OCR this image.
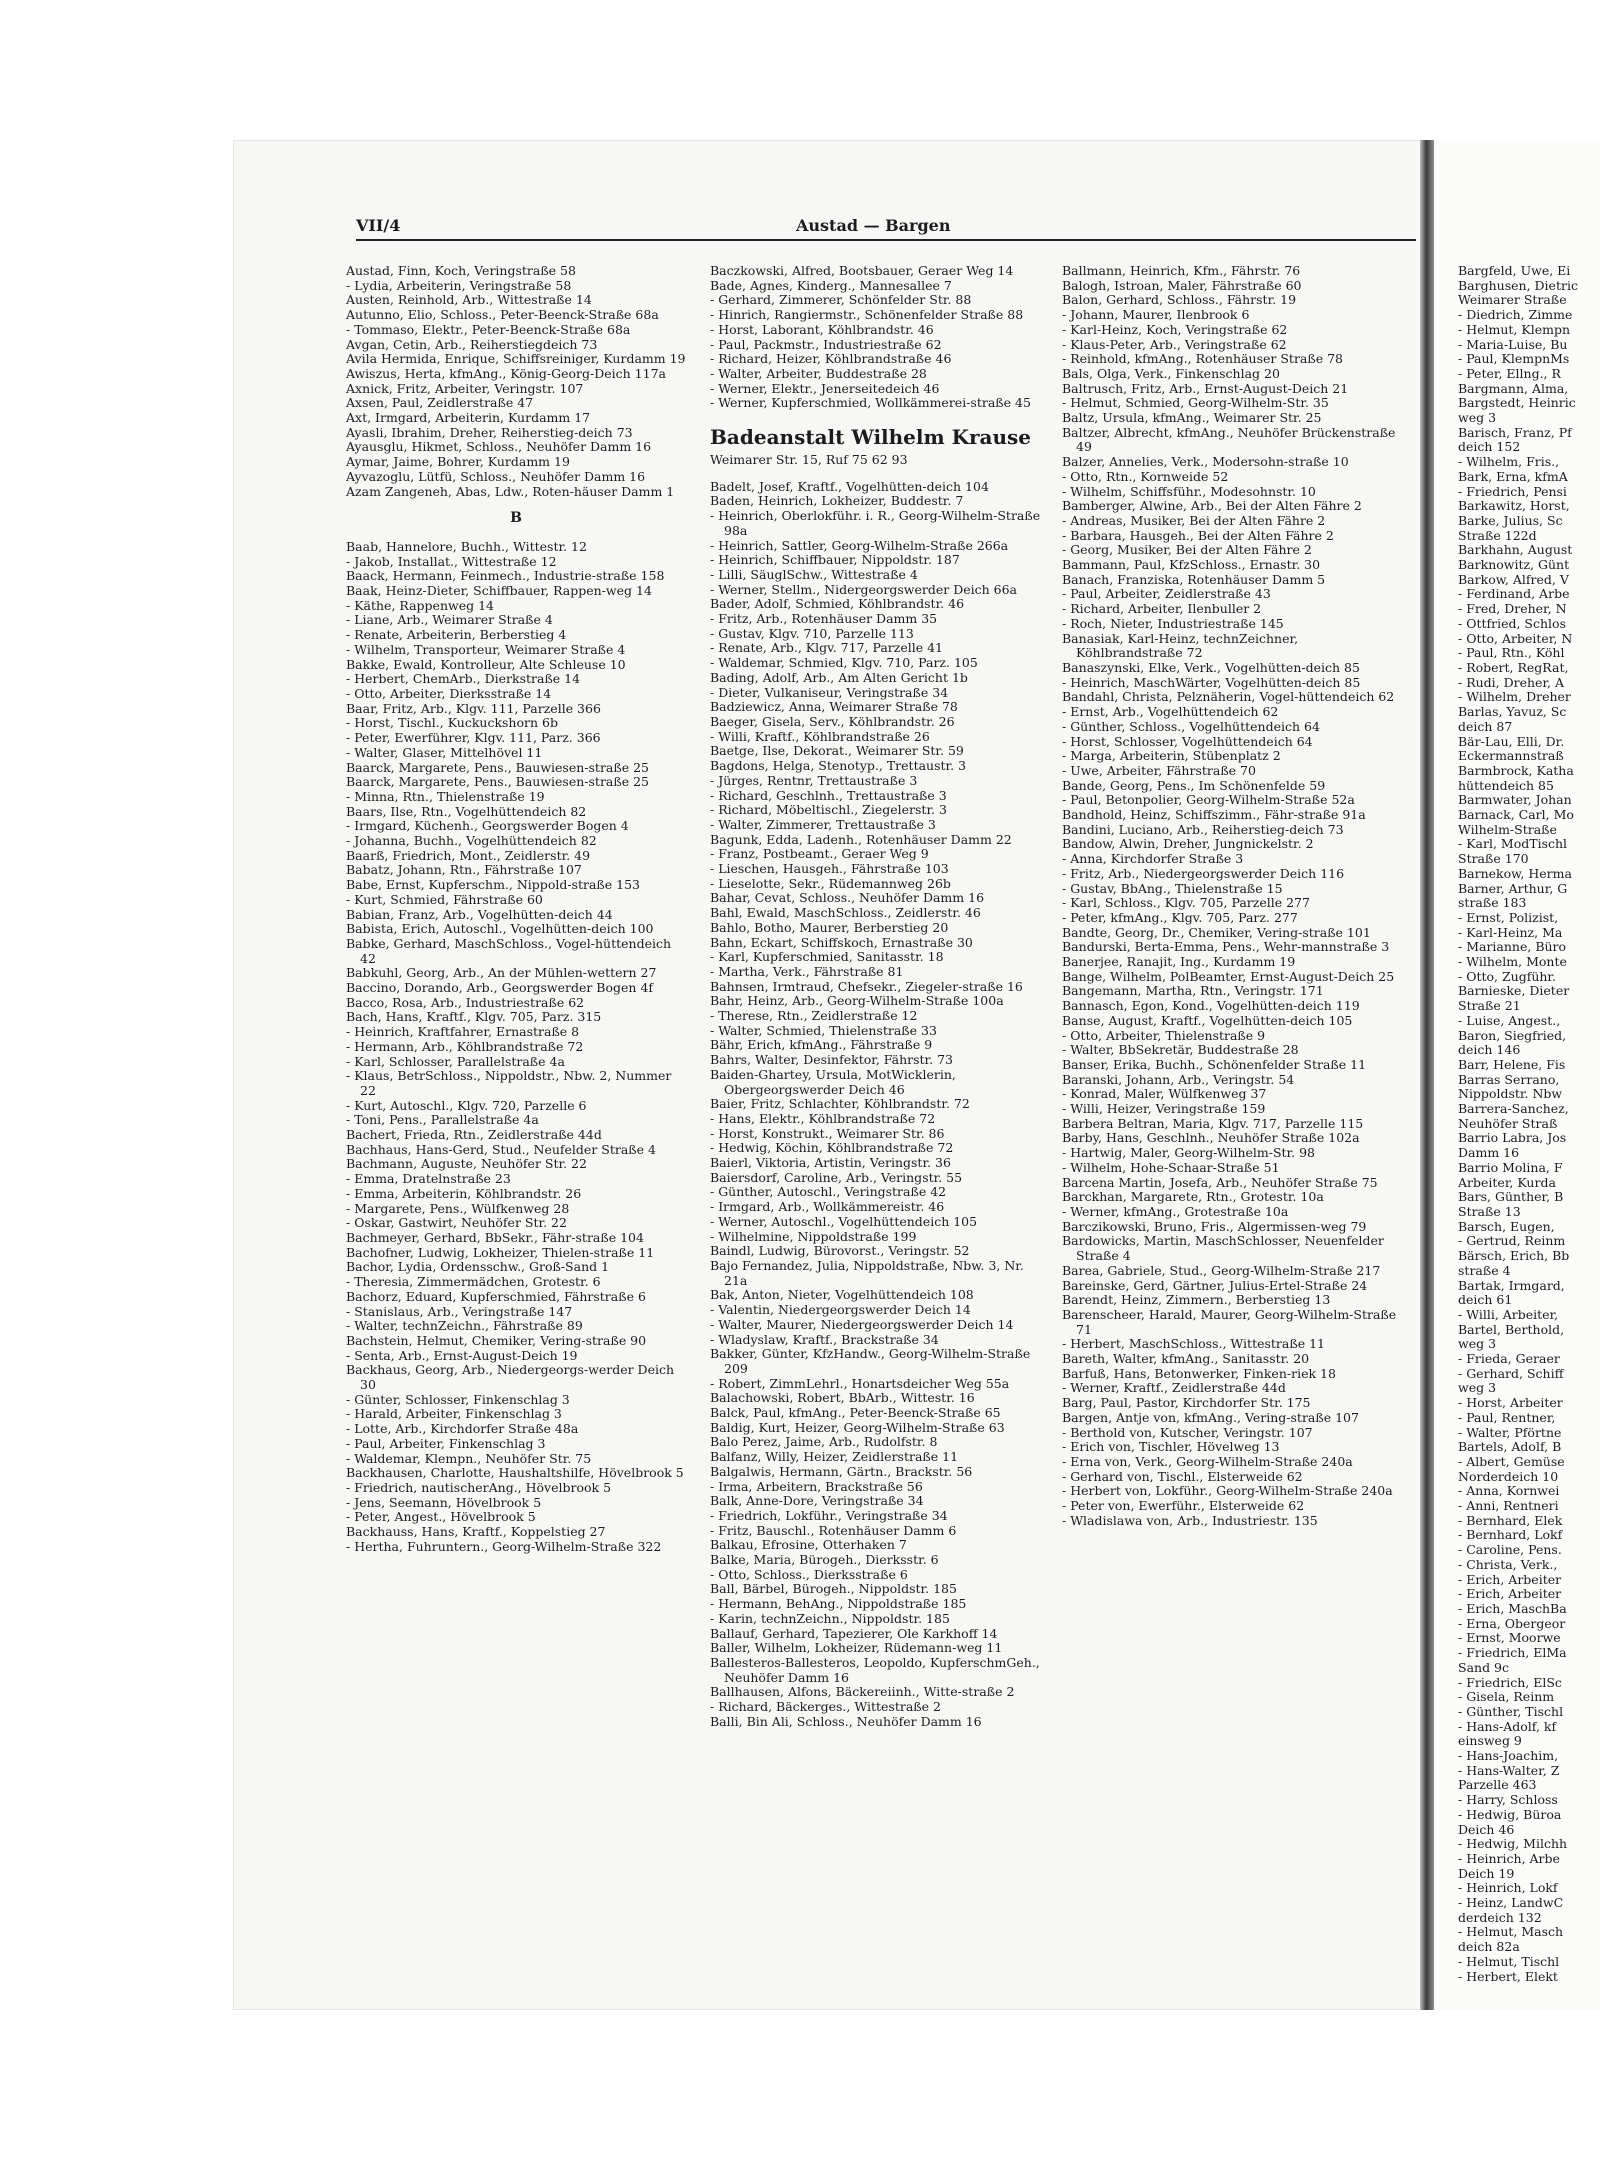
VII/4	Austad — Bargen
Austad, Finn, Koch, Veringstraße 58
- Lydia, Arbeiterin, Veringstraße 58
Austen, Reinhold, Arb., Wittestraße 14
Autunno, Elio, Schloss., Peter-Beenck-Straße 68a
- Tommaso, Elektr., Peter-Beenck-Straße 68a
Avgan, Cetin, Arb., Reiherstiegdeich 73
Avila Hermida, Enrique, Schiffsreiniger, Kurdamm 19
Awiszus, Herta, kfmAng., König-Georg-Deich 117a
Axnick, Fritz, Arbeiter, Veringstr. 107
Axsen, Paul, Zeidlerstraße 47
Axt, Irmgard, Arbeiterin, Kurdamm 17
Ayasli, Ibrahim, Dreher, Reiherstieg-deich 73
Ayausglu, Hikmet, Schloss., Neuhöfer Damm 16
Aymar, Jaime, Bohrer, Kurdamm 19
Ayvazoglu, Lütfü, Schloss., Neuhöfer Damm 16
Azam Zangeneh, Abas, Ldw., Roten-häuser Damm 1
B
Baab, Hannelore, Buchh., Wittestr. 12
- Jakob, Installat., Wittestraße 12
Baack, Hermann, Feinmech., Industrie-straße 158
Baak, Heinz-Dieter, Schiffbauer, Rappen-weg 14
- Käthe, Rappenweg 14
- Liane, Arb., Weimarer Straße 4
- Renate, Arbeiterin, Berberstieg 4
- Wilhelm, Transporteur, Weimarer Straße 4
Bakke, Ewald, Kontrolleur, Alte Schleuse 10
- Herbert, ChemArb., Dierkstraße 14
- Otto, Arbeiter, Dierksstraße 14
Baar, Fritz, Arb., Klgv. 111, Parzelle 366
- Horst, Tischl., Kuckuckshorn 6b
- Peter, Ewerführer, Klgv. 111, Parz. 366
- Walter, Glaser, Mittelhövel 11
Baarck, Margarete, Pens., Bauwiesen-straße 25
Baarck, Margarete, Pens., Bauwiesen-straße 25
- Minna, Rtn., Thielenstraße 19
Baars, Ilse, Rtn., Vogelhüttendeich 82
- Irmgard, Küchenh., Georgswerder Bogen 4
- Johanna, Buchh., Vogelhüttendeich 82
Baarß, Friedrich, Mont., Zeidlerstr. 49
Babatz, Johann, Rtn., Fährstraße 107
Babe, Ernst, Kupferschm., Nippold-straße 153
- Kurt, Schmied, Fährstraße 60
Babian, Franz, Arb., Vogelhütten-deich 44
Babista, Erich, Autoschl., Vogelhütten-deich 100
Babke, Gerhard, MaschSchloss., Vogel-hüttendeich 42
Babkuhl, Georg, Arb., An der Mühlen-wettern 27
Baccino, Dorando, Arb., Georgswerder Bogen 4f
Bacco, Rosa, Arb., Industriestraße 62
Bach, Hans, Kraftf., Klgv. 705, Parz. 315
- Heinrich, Kraftfahrer, Ernastraße 8
- Hermann, Arb., Köhlbrandstraße 72
- Karl, Schlosser, Parallelstraße 4a
- Klaus, BetrSchloss., Nippoldstr., Nbw. 2, Nummer 22
- Kurt, Autoschl., Klgv. 720, Parzelle 6
- Toni, Pens., Parallelstraße 4a
Bachert, Frieda, Rtn., Zeidlerstraße 44d
Bachhaus, Hans-Gerd, Stud., Neufelder Straße 4
Bachmann, Auguste, Neuhöfer Str. 22
- Emma, Dratelnstraße 23
- Emma, Arbeiterin, Köhlbrandstr. 26
- Margarete, Pens., Wülfkenweg 28
- Oskar, Gastwirt, Neuhöfer Str. 22
Bachmeyer, Gerhard, BbSekr., Fähr-straße 104
Bachofner, Ludwig, Lokheizer, Thielen-straße 11
Bachor, Lydia, Ordensschw., Groß-Sand 1
- Theresia, Zimmermädchen, Grotestr. 6
Bachorz, Eduard, Kupferschmied, Fährstraße 6
- Stanislaus, Arb., Veringstraße 147
- Walter, technZeichn., Fährstraße 89
Bachstein, Helmut, Chemiker, Vering-straße 90
- Senta, Arb., Ernst-August-Deich 19
Backhaus, Georg, Arb., Niedergeorgs-werder Deich 30
- Günter, Schlosser, Finkenschlag 3
- Harald, Arbeiter, Finkenschlag 3
- Lotte, Arb., Kirchdorfer Straße 48a
- Paul, Arbeiter, Finkenschlag 3
- Waldemar, Klempn., Neuhöfer Str. 75
Backhausen, Charlotte, Haushaltshilfe, Hövelbrook 5
- Friedrich, nautischerAng., Hövelbrook 5
- Jens, Seemann, Hövelbrook 5
- Peter, Angest., Hövelbrook 5
Backhauss, Hans, Kraftf., Koppelstieg 27
- Hertha, Fuhruntern., Georg-Wilhelm-Straße 322
Baczkowski, Alfred, Bootsbauer, Geraer Weg 14
Bade, Agnes, Kinderg., Mannesallee 7
- Gerhard, Zimmerer, Schönfelder Str. 88
- Hinrich, Rangiermstr., Schönenfelder Straße 88
- Horst, Laborant, Köhlbrandstr. 46
- Paul, Packmstr., Industriestraße 62
- Richard, Heizer, Köhlbrandstraße 46
- Walter, Arbeiter, Buddestraße 28
- Werner, Elektr., Jenerseitedeich 46
- Werner, Kupferschmied, Wollkämmerei-straße 45
Badeanstalt Wilhelm Krause
Weimarer Str. 15, Ruf 75 62 93
Badelt, Josef, Kraftf., Vogelhütten-deich 104
Baden, Heinrich, Lokheizer, Buddestr. 7
- Heinrich, Oberlokführ. i. R., Georg-Wilhelm-Straße 98a
- Heinrich, Sattler, Georg-Wilhelm-Straße 266a
- Heinrich, Schiffbauer, Nippoldstr. 187
- Lilli, SäuglSchw., Wittestraße 4
- Werner, Stellm., Nidergeorgswerder Deich 66a
Bader, Adolf, Schmied, Köhlbrandstr. 46
- Fritz, Arb., Rotenhäuser Damm 35
- Gustav, Klgv. 710, Parzelle 113
- Renate, Arb., Klgv. 717, Parzelle 41
- Waldemar, Schmied, Klgv. 710, Parz. 105
Bading, Adolf, Arb., Am Alten Gericht 1b
- Dieter, Vulkaniseur, Veringstraße 34
Badziewicz, Anna, Weimarer Straße 78
Baeger, Gisela, Serv., Köhlbrandstr. 26
- Willi, Kraftf., Köhlbrandstraße 26
Baetge, Ilse, Dekorat., Weimarer Str. 59
Bagdons, Helga, Stenotyp., Trettaustr. 3
- Jürges, Rentnr, Trettaustraße 3
- Richard, Geschlnh., Trettaustraße 3
- Richard, Möbeltischl., Ziegelerstr. 3
- Walter, Zimmerer, Trettaustraße 3
Bagunk, Edda, Ladenh., Rotenhäuser Damm 22
- Franz, Postbeamt., Geraer Weg 9
- Lieschen, Hausgeh., Fährstraße 103
- Lieselotte, Sekr., Rüdemannweg 26b
Bahar, Cevat, Schloss., Neuhöfer Damm 16
Bahl, Ewald, MaschSchloss., Zeidlerstr. 46
Bahlo, Botho, Maurer, Berberstieg 20
Bahn, Eckart, Schiffskoch, Ernastraße 30
- Karl, Kupferschmied, Sanitasstr. 18
- Martha, Verk., Fährstraße 81
Bahnsen, Irmtraud, Chefsekr., Ziegeler-straße 16
Bahr, Heinz, Arb., Georg-Wilhelm-Straße 100a
- Therese, Rtn., Zeidlerstraße 12
- Walter, Schmied, Thielenstraße 33
Bähr, Erich, kfmAng., Fährstraße 9
Bahrs, Walter, Desinfektor, Fährstr. 73
Baiden-Ghartey, Ursula, MotWicklerin, Obergeorgswerder Deich 46
Baier, Fritz, Schlachter, Köhlbrandstr. 72
- Hans, Elektr., Köhlbrandstraße 72
- Horst, Konstrukt., Weimarer Str. 86
- Hedwig, Köchin, Köhlbrandstraße 72
Baierl, Viktoria, Artistin, Veringstr. 36
Baiersdorf, Caroline, Arb., Veringstr. 55
- Günther, Autoschl., Veringstraße 42
- Irmgard, Arb., Wollkämmereistr. 46
- Werner, Autoschl., Vogelhüttendeich 105
- Wilhelmine, Nippoldstraße 199
Baindl, Ludwig, Bürovorst., Veringstr. 52
Bajo Fernandez, Julia, Nippoldstraße, Nbw. 3, Nr. 21a
Bak, Anton, Nieter, Vogelhüttendeich 108
- Valentin, Niedergeorgswerder Deich 14
- Walter, Maurer, Niedergeorgswerder Deich 14
- Wladyslaw, Kraftf., Brackstraße 34
Bakker, Günter, KfzHandw., Georg-Wilhelm-Straße 209
- Robert, ZimmLehrl., Honartsdeicher Weg 55a
Balachowski, Robert, BbArb., Wittestr. 16
Balck, Paul, kfmAng., Peter-Beenck-Straße 65
Baldig, Kurt, Heizer, Georg-Wilhelm-Straße 63
Balo Perez, Jaime, Arb., Rudolfstr. 8
Balfanz, Willy, Heizer, Zeidlerstraße 11
Balgalwis, Hermann, Gärtn., Brackstr. 56
- Irma, Arbeitern, Brackstraße 56
Balk, Anne-Dore, Veringstraße 34
- Friedrich, Lokführ., Veringstraße 34
- Fritz, Bauschl., Rotenhäuser Damm 6
Balkau, Efrosine, Otterhaken 7
Balke, Maria, Bürogeh., Dierksstr. 6
- Otto, Schloss., Dierksstraße 6
Ball, Bärbel, Bürogeh., Nippoldstr. 185
- Hermann, BehAng., Nippoldstraße 185
- Karin, technZeichn., Nippoldstr. 185
Ballauf, Gerhard, Tapezierer, Ole Karkhoff 14
Baller, Wilhelm, Lokheizer, Rüdemann-weg 11
Ballesteros-Ballesteros, Leopoldo, KupferschmGeh., Neuhöfer Damm 16
Ballhausen, Alfons, Bäckereiinh., Witte-straße 2
- Richard, Bäckerges., Wittestraße 2
Balli, Bin Ali, Schloss., Neuhöfer Damm 16
Ballmann, Heinrich, Kfm., Fährstr. 76
Balogh, Istroan, Maler, Fährstraße 60
Balon, Gerhard, Schloss., Fährstr. 19
- Johann, Maurer, Ilenbrook 6
- Karl-Heinz, Koch, Veringstraße 62
- Klaus-Peter, Arb., Veringstraße 62
- Reinhold, kfmAng., Rotenhäuser Straße 78
Bals, Olga, Verk., Finkenschlag 20
Baltrusch, Fritz, Arb., Ernst-August-Deich 21
- Helmut, Schmied, Georg-Wilhelm-Str. 35
Baltz, Ursula, kfmAng., Weimarer Str. 25
Baltzer, Albrecht, kfmAng., Neuhöfer Brückenstraße 49
Balzer, Annelies, Verk., Modersohn-straße 10
- Otto, Rtn., Kornweide 52
- Wilhelm, Schiffsführ., Modesohnstr. 10
Bamberger, Alwine, Arb., Bei der Alten Fähre 2
- Andreas, Musiker, Bei der Alten Fähre 2
- Barbara, Hausgeh., Bei der Alten Fähre 2
- Georg, Musiker, Bei der Alten Fähre 2
Bammann, Paul, KfzSchloss., Ernastr. 30
Banach, Franziska, Rotenhäuser Damm 5
- Paul, Arbeiter, Zeidlerstraße 43
- Richard, Arbeiter, Ilenbuller 2
- Roch, Nieter, Industriestraße 145
Banasiak, Karl-Heinz, technZeichner, Köhlbrandstraße 72
Banaszynski, Elke, Verk., Vogelhütten-deich 85
- Heinrich, MaschWärter, Vogelhütten-deich 85
Bandahl, Christa, Pelznäherin, Vogel-hüttendeich 62
- Ernst, Arb., Vogelhüttendeich 62
- Günther, Schloss., Vogelhüttendeich 64
- Horst, Schlosser, Vogelhüttendeich 64
- Marga, Arbeiterin, Stübenplatz 2
- Uwe, Arbeiter, Fährstraße 70
Bande, Georg, Pens., Im Schönenfelde 59
- Paul, Betonpolier, Georg-Wilhelm-Straße 52a
Bandhold, Heinz, Schiffszimm., Fähr-straße 91a
Bandini, Luciano, Arb., Reiherstieg-deich 73
Bandow, Alwin, Dreher, Jungnickelstr. 2
- Anna, Kirchdorfer Straße 3
- Fritz, Arb., Niedergeorgswerder Deich 116
- Gustav, BbAng., Thielenstraße 15
- Karl, Schloss., Klgv. 705, Parzelle 277
- Peter, kfmAng., Klgv. 705, Parz. 277
Bandte, Georg, Dr., Chemiker, Vering-straße 101
Bandurski, Berta-Emma, Pens., Wehr-mannstraße 3
Banerjee, Ranajit, Ing., Kurdamm 19
Bange, Wilhelm, PolBeamter, Ernst-August-Deich 25
Bangemann, Martha, Rtn., Veringstr. 171
Bannasch, Egon, Kond., Vogelhütten-deich 119
Banse, August, Kraftf., Vogelhütten-deich 105
- Otto, Arbeiter, Thielenstraße 9
- Walter, BbSekretär, Buddestraße 28
Banser, Erika, Buchh., Schönenfelder Straße 11
Baranski, Johann, Arb., Veringstr. 54
- Konrad, Maler, Wülfkenweg 37
- Willi, Heizer, Veringstraße 159
Barbera Beltran, Maria, Klgv. 717, Parzelle 115
Barby, Hans, Geschlnh., Neuhöfer Straße 102a
- Hartwig, Maler, Georg-Wilhelm-Str. 98
- Wilhelm, Hohe-Schaar-Straße 51
Barcena Martin, Josefa, Arb., Neuhöfer Straße 75
Barckhan, Margarete, Rtn., Grotestr. 10a
- Werner, kfmAng., Grotestraße 10a
Barczikowski, Bruno, Fris., Algermissen-weg 79
Bardowicks, Martin, MaschSchlosser, Neuenfelder Straße 4
Barea, Gabriele, Stud., Georg-Wilhelm-Straße 217
Bareinske, Gerd, Gärtner, Julius-Ertel-Straße 24
Barendt, Heinz, Zimmern., Berberstieg 13
Barenscheer, Harald, Maurer, Georg-Wilhelm-Straße 71
- Herbert, MaschSchloss., Wittestraße 11
Bareth, Walter, kfmAng., Sanitasstr. 20
Barfuß, Hans, Betonwerker, Finken-riek 18
- Werner, Kraftf., Zeidlerstraße 44d
Barg, Paul, Pastor, Kirchdorfer Str. 175
Bargen, Antje von, kfmAng., Vering-straße 107
- Berthold von, Kutscher, Veringstr. 107
- Erich von, Tischler, Hövelweg 13
- Erna von, Verk., Georg-Wilhelm-Straße 240a
- Gerhard von, Tischl., Elsterweide 62
- Herbert von, Lokführ., Georg-Wilhelm-Straße 240a
- Peter von, Ewerführ., Elsterweide 62
- Wladislawa von, Arb., Industriestr. 135
Bargfeld, Uwe, Ei
Barghusen, Dietric
Weimarer Straße
- Diedrich, Zimme
- Helmut, Klempn
- Maria-Luise, Bu
- Paul, KlempnMs
- Peter, Ellng., R
Bargmann, Alma,
Bargstedt, Heinric
weg 3
Barisch, Franz, Pf
deich 152
- Wilhelm, Fris.,
Bark, Erna, kfmA
- Friedrich, Pensi
Barkawitz, Horst,
Barke, Julius, Sc
Straße 122d
Barkhahn, August
Barknowitz, Günt
Barkow, Alfred, V
- Ferdinand, Arbe
- Fred, Dreher, N
- Ottfried, Schlos
- Otto, Arbeiter, N
- Paul, Rtn., Köhl
- Robert, RegRat,
- Rudi, Dreher, A
- Wilhelm, Dreher
Barlas, Yavuz, Sc
deich 87
Bär-Lau, Elli, Dr.
Eckermannstraß
Barmbrock, Katha
hüttendeich 85
Barmwater, Johan
Barnack, Carl, Mo
Wilhelm-Straße
- Karl, ModTischl
Straße 170
Barnekow, Herma
Barner, Arthur, G
straße 183
- Ernst, Polizist,
- Karl-Heinz, Ma
- Marianne, Büro
- Wilhelm, Monte
- Otto, Zugführ.
Barnieske, Dieter
Straße 21
- Luise, Angest.,
Baron, Siegfried,
deich 146
Barr, Helene, Fis
Barras Serrano,
Nippoldstr. Nbw
Barrera-Sanchez,
Neuhöfer Straß
Barrio Labra, Jos
Damm 16
Barrio Molina, F
Arbeiter, Kurda
Bars, Günther, B
Straße 13
Barsch, Eugen,
- Gertrud, Reinm
Bärsch, Erich, Bb
straße 4
Bartak, Irmgard,
deich 61
- Willi, Arbeiter,
Bartel, Berthold,
weg 3
- Frieda, Geraer
- Gerhard, Schiff
weg 3
- Horst, Arbeiter
- Paul, Rentner,
- Walter, Pförtne
Bartels, Adolf, B
- Albert, Gemüse
Norderdeich 10
- Anna, Kornwei
- Anni, Rentneri
- Bernhard, Elek
- Bernhard, Lokf
- Caroline, Pens.
- Christa, Verk.,
- Erich, Arbeiter
- Erich, Arbeiter
- Erich, MaschBa
- Erna, Obergeor
- Ernst, Moorwe
- Friedrich, ElMa
Sand 9c
- Friedrich, ElSc
- Gisela, Reinm
- Günther, Tischl
- Hans-Adolf, kf
einsweg 9
- Hans-Joachim,
- Hans-Walter, Z
Parzelle 463
- Harry, Schloss
- Hedwig, Büroa
Deich 46
- Hedwig, Milchh
- Heinrich, Arbe
Deich 19
- Heinrich, Lokf
- Heinz, LandwC
derdeich 132
- Helmut, Masch
deich 82a
- Helmut, Tischl
- Herbert, Elekt
